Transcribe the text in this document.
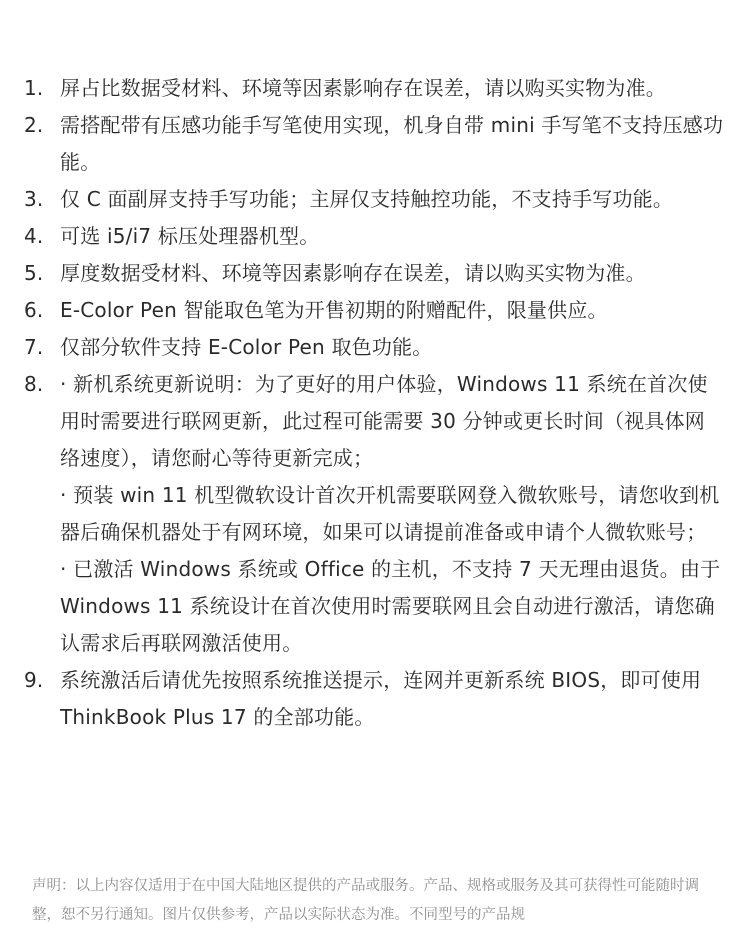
1. 屏占比数据受材料、环境等因素影响存在误差，请以购买实物为准。
2. 需搭配带有压感功能手写笔使用实现，机身自带 mini 手写笔不支持压感功能。
3. 仅 C 面副屏支持手写功能；主屏仅支持触控功能，不支持手写功能。
4. 可选 i5/i7 标压处理器机型。
5. 厚度数据受材料、环境等因素影响存在误差，请以购买实物为准。
6. E-Color Pen 智能取色笔为开售初期的附赠配件，限量供应。
7. 仅部分软件支持 E-Color Pen 取色功能。
8. · 新机系统更新说明：为了更好的用户体验，Windows 11 系统在首次使用时需要进行联网更新，此过程可能需要 30 分钟或更长时间（视具体网络速度），请您耐心等待更新完成；
· 预装 win 11 机型微软设计首次开机需要联网登入微软账号，请您收到机器后确保机器处于有网环境，如果可以请提前准备或申请个人微软账号；
· 已激活 Windows 系统或 Office 的主机，不支持 7 天无理由退货。由于 Windows 11 系统设计在首次使用时需要联网且会自动进行激活，请您确认需求后再联网激活使用。
9. 系统激活后请优先按照系统推送提示，连网并更新系统 BIOS，即可使用 ThinkBook Plus 17 的全部功能。

声明：以上内容仅适用于在中国大陆地区提供的产品或服务。产品、规格或服务及其可获得性可能随时调整，恕不另行通知。图片仅供参考，产品以实际状态为准。不同型号的产品规
